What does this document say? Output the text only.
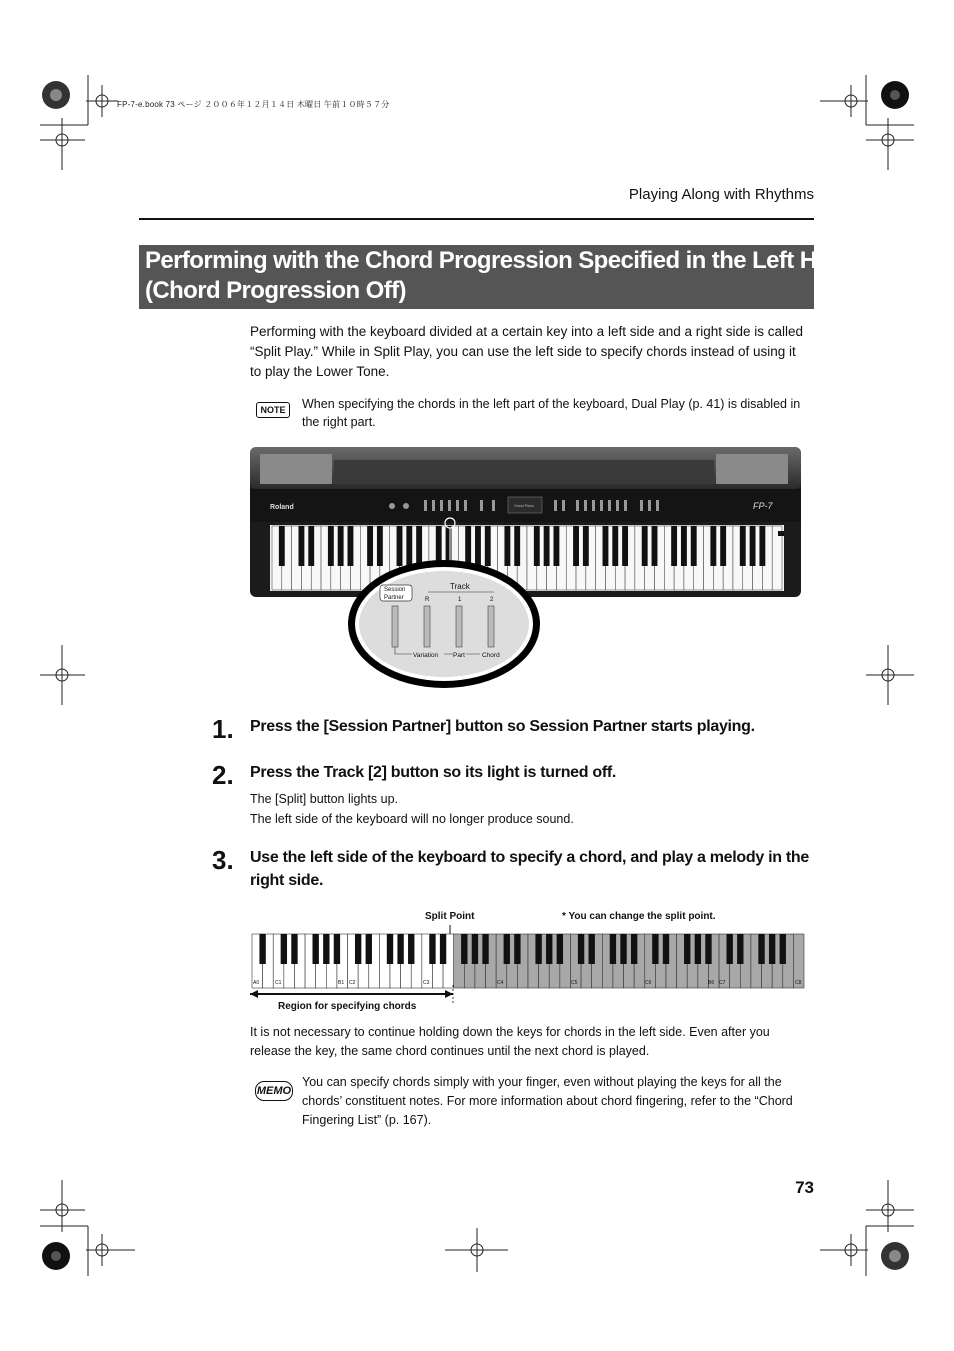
FP-7-e.book 73 ページ ２００６年１２月１４日 木曜日 午前１０時５７分
Playing Along with Rhythms
Performing with the Chord Progression Specified in the Left Hand
(Chord Progression Off)
Performing with the keyboard divided at a certain key into a left side and a right side is called “Split Play.” While in Split Play, you can use the left side to specify chords instead of using it to play the Lower Tone.
NOTE	When specifying the chords in the left part of the keyboard, Dual Play (p. 41) is disabled in the right part.
Roland	FP-7
Grand Piano
Session
Partner
Track
R	1	2
Variation Part	Chord
1. Press the [Session Partner] button so Session Partner starts playing.
2. Press the Track [2] button so its light is turned off.
The [Split] button lights up.
The left side of the keyboard will no longer produce sound.
3. Use the left side of the keyboard to specify a chord, and play a melody in the right side.
Split Point	* You can change the split point.
A0	C1	B1 C2	C3	C4	C5	C6	B6 C7	C8
Region for specifying chords
It is not necessary to continue holding down the keys for chords in the left side. Even after you release the key, the same chord continues until the next chord is played.
MEMO
You can specify chords simply with your finger, even without playing the keys for all the chords’ constituent notes. For more information about chord fingering, refer to the “Chord Fingering List” (p. 167).
73
